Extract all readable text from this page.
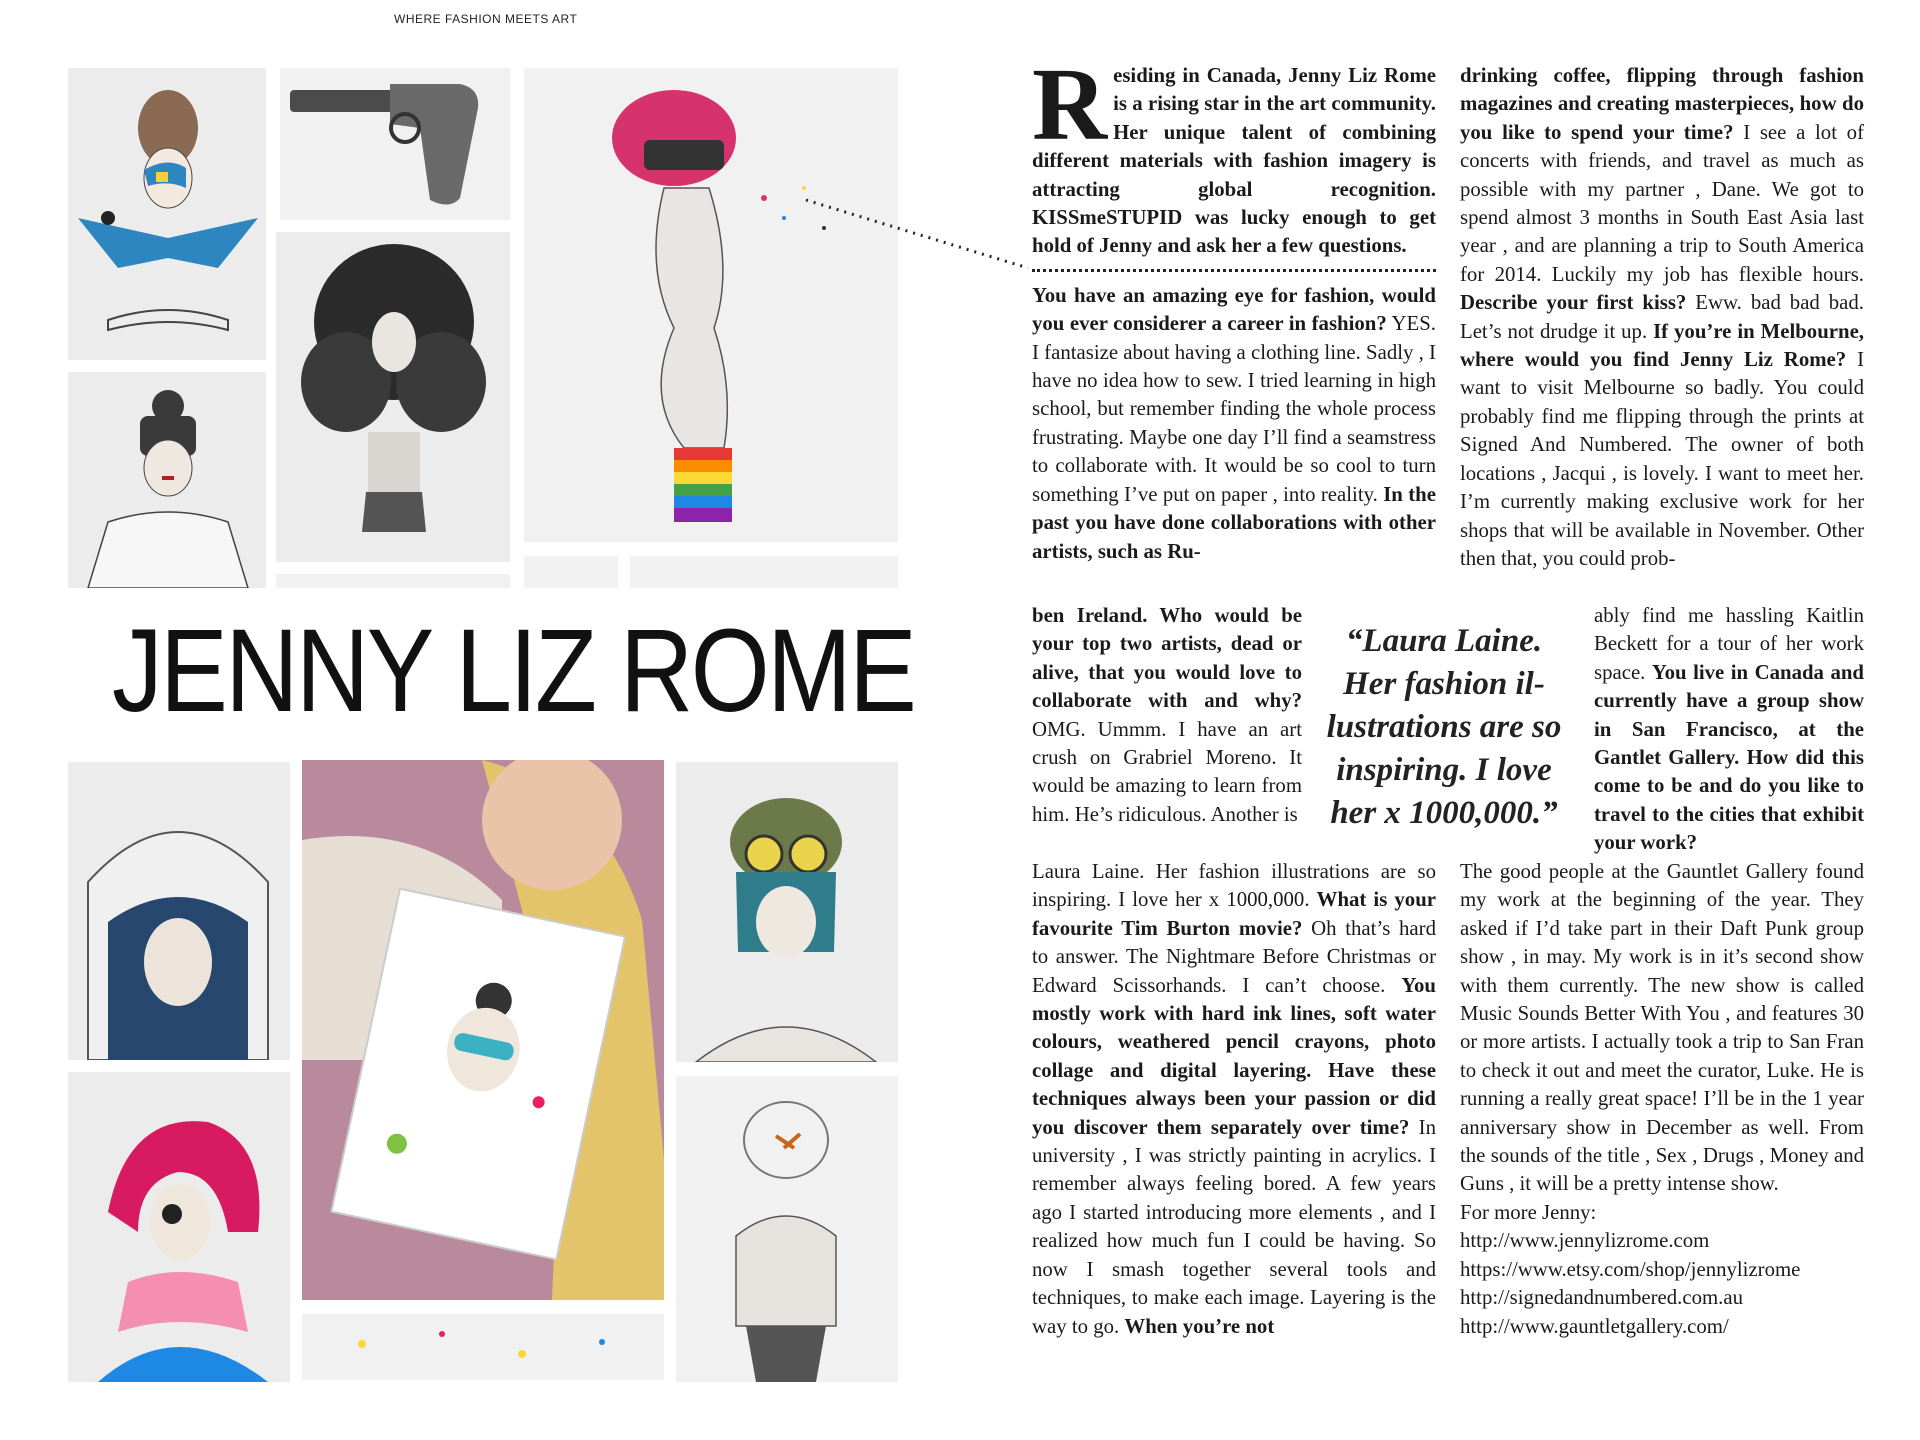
WHERE FASHION MEETS ART
JENNY LIZ ROME

Residing in Canada, Jenny Liz Rome is a rising star in the art community. Her unique talent of combining different materials with fashion imagery is attracting global recognition. KISSmeSTUPID was lucky enough to get hold of Jenny and ask her a few questions.

You have an amazing eye for fashion, would you ever considerer a career in fashion? YES. I fantasize about having a clothing line. Sadly , I have no idea how to sew. I tried learning in high school, but remember finding the whole process frustrating. Maybe one day I’ll find a seamstress to collaborate with. It would be so cool to turn something I’ve put on paper , into reality. In the past you have done collaborations with other artists, such as Ru-

ben Ireland. Who would be your top two artists, dead or alive, that you would love to collaborate with and why? OMG. Ummm. I have an art crush on Grabriel Moreno. It would be amazing to learn from him. He’s ridiculous. Another is

“Laura Laine. Her fashion il-lustrations are so inspiring. I love her x 1000,000.”

Laura Laine. Her fashion illustrations are so inspiring. I love her x 1000,000. What is your favourite Tim Burton movie? Oh that’s hard to answer. The Nightmare Before Christmas or Edward Scissorhands. I can’t choose. You mostly work with hard ink lines, soft water colours, weathered pencil crayons, photo collage and digital layering. Have these techniques always been your passion or did you discover them separately over time? In university , I was strictly painting in acrylics. I remember always feeling bored. A few years ago I started introducing more elements , and I realized how much fun I could be having. So now I smash together several tools and techniques, to make each image. Layering is the way to go. When you’re not

drinking coffee, flipping through fashion magazines and creating masterpieces, how do you like to spend your time? I see a lot of concerts with friends, and travel as much as possible with my partner , Dane. We got to spend almost 3 months in South East Asia last year , and are planning a trip to South America for 2014. Luckily my job has flexible hours. Describe your first kiss? Eww. bad bad bad. Let’s not drudge it up. If you’re in Melbourne, where would you find Jenny Liz Rome? I want to visit Melbourne so badly. You could probably find me flipping through the prints at Signed And Numbered. The owner of both locations , Jacqui , is lovely. I want to meet her. I’m currently making exclusive work for her shops that will be available in November. Other then that, you could prob-

ably find me hassling Kaitlin Beckett for a tour of her work space. You live in Canada and currently have a group show in San Francisco, at the Gantlet Gallery. How did this come to be and do you like to travel to the cities that exhibit your work?

The good people at the Gauntlet Gallery found my work at the beginning of the year. They asked if I’d take part in their Daft Punk group show , in may. My work is in it’s second show with them currently. The new show is called Music Sounds Better With You , and features 30 or more artists. I actually took a trip to San Fran to check it out and meet the curator, Luke. He is running a really great space! I’ll be in the 1 year anniversary show in December as well. From the sounds of the title , Sex , Drugs , Money and Guns , it will be a pretty intense show.

For more Jenny:

http://www.jennylizrome.com
https://www.etsy.com/shop/jennylizrome
http://signedandnumbered.com.au
http://www.gauntletgallery.com/
